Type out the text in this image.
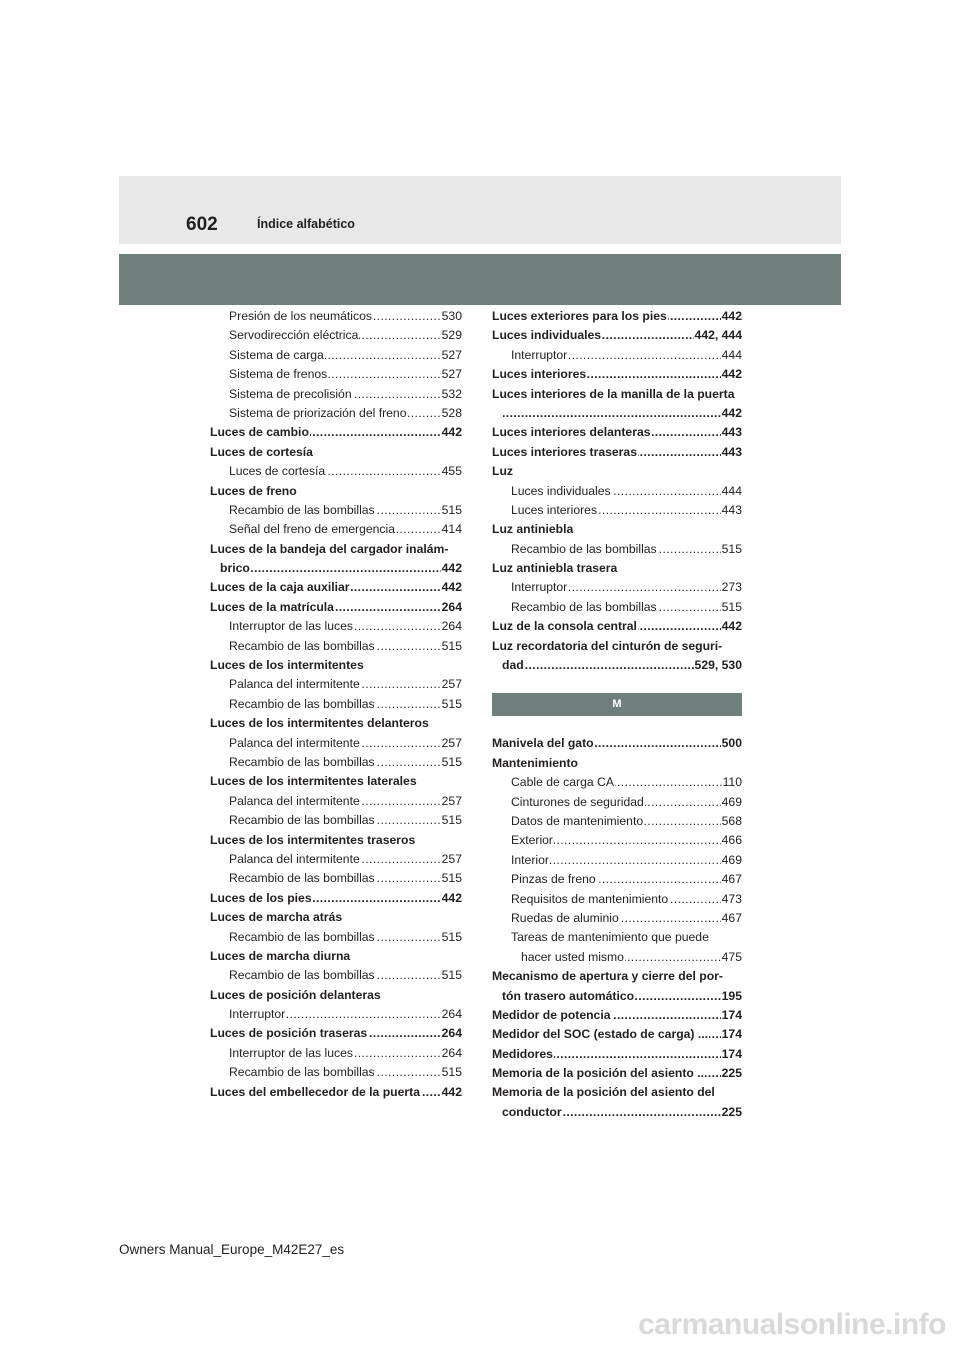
602	Índice alfabético
Presión de los neumáticos	530
.....
Servodirección eléctrica	529
.....
Sistema de carga	527
.....
Sistema de frenos	527
.....
Sistema de precolisión	532
.....
Sistema de priorización del freno	528
.....
Luces de cambio	442
.....
Luces de cortesía
Luces de cortesía	455
.....
Luces de freno
Recambio de las bombillas	515
.....
Señal del freno de emergencia	414
.....
Luces de la bandeja del cargador inalám-
brico	442
.....
Luces de la caja auxiliar	442
.....
Luces de la matrícula	264
.....
Interruptor de las luces	264
.....
Recambio de las bombillas	515
.....
Luces de los intermitentes
Palanca del intermitente	257
.....
Recambio de las bombillas	515
.....
Luces de los intermitentes delanteros
Palanca del intermitente	257
.....
Recambio de las bombillas	515
.....
Luces de los intermitentes laterales
Palanca del intermitente	257
.....
Recambio de las bombillas	515
.....
Luces de los intermitentes traseros
Palanca del intermitente	257
.....
Recambio de las bombillas	515
.....
Luces de los pies	442
.....
Luces de marcha atrás
Recambio de las bombillas	515
.....
Luces de marcha diurna
Recambio de las bombillas	515
.....
Luces de posición delanteras
Interruptor	264
.....
Luces de posición traseras	264
.....
Interruptor de las luces	264
.....
Recambio de las bombillas	515
.....
Luces del embellecedor de la puerta 442
.....
Luces exteriores para los pies	442
.....
Luces individuales	442, 444
.....
Interruptor	444
.....
Luces interiores	442
.....
Luces interiores de la manilla de la puerta
442
.....
Luces interiores delanteras	443
.....
Luces interiores traseras	443
.....
Luz
Luces individuales	444
.....
Luces interiores	443
.....
Luz antiniebla
Recambio de las bombillas	515
.....
Luz antiniebla trasera
Interruptor	273
.....
Recambio de las bombillas	515
.....
Luz de la consola central	442
.....
Luz recordatoria del cinturón de seguri-
dad	529, 530
.....
M
Manivela del gato	500
.....
Mantenimiento
Cable de carga CA	110
.....
Cinturones de seguridad	469
.....
Datos de mantenimiento	568
.....
Exterior	466
.....
Interior	469
.....
Pinzas de freno	467
.....
Requisitos de mantenimiento	473
.....
Ruedas de aluminio	467
.....
Tareas de mantenimiento que puede
hacer usted mismo	475
.....
Mecanismo de apertura y cierre del por-
tón trasero automático	195
.....
Medidor de potencia	174
.....
Medidor del SOC (estado de carga) ... 174
.....
Medidores	174
.....
Memoria de la posición del asiento ... 225
.....
Memoria de la posición del asiento del
conductor	225
.....
Owners Manual_Europe_M42E27_es
carmanualsonline.info
